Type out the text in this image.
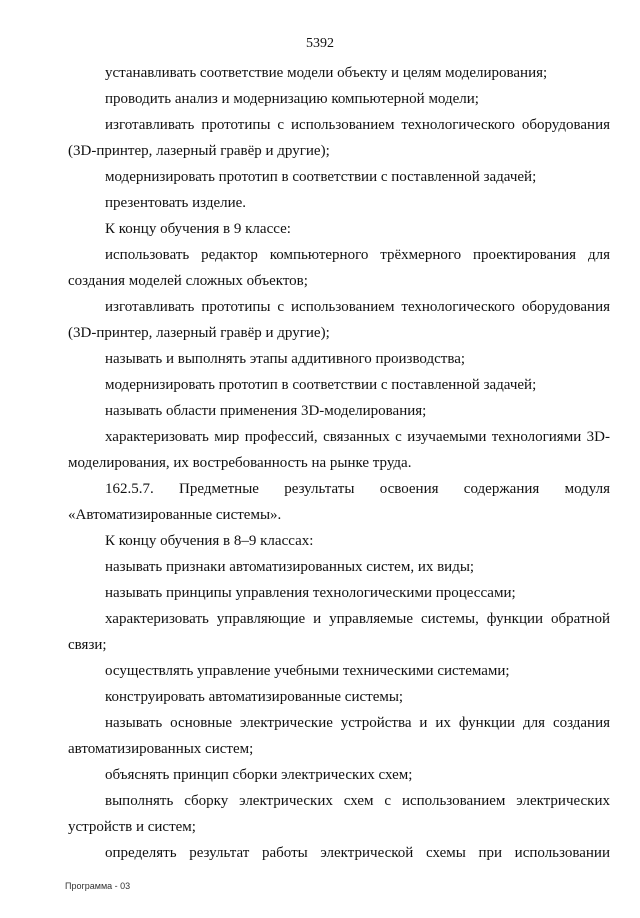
5392

устанавливать соответствие модели объекту и целям моделирования;

проводить анализ и модернизацию компьютерной модели;

изготавливать прототипы с использованием технологического оборудования (3D-принтер, лазерный гравёр и другие);

модернизировать прототип в соответствии с поставленной задачей;

презентовать изделие.

К концу обучения в 9 классе:

использовать редактор компьютерного трёхмерного проектирования для создания моделей сложных объектов;

изготавливать прототипы с использованием технологического оборудования (3D-принтер, лазерный гравёр и другие);

называть и выполнять этапы аддитивного производства;

модернизировать прототип в соответствии с поставленной задачей;

называть области применения 3D-моделирования;

характеризовать мир профессий, связанных с изучаемыми технологиями 3D-моделирования, их востребованность на рынке труда.

162.5.7. Предметные результаты освоения содержания модуля «Автоматизированные системы».

К концу обучения в 8–9 классах:

называть признаки автоматизированных систем, их виды;

называть принципы управления технологическими процессами;

характеризовать управляющие и управляемые системы, функции обратной связи;

осуществлять управление учебными техническими системами;

конструировать автоматизированные системы;

называть основные электрические устройства и их функции для создания автоматизированных систем;

объяснять принцип сборки электрических схем;

выполнять сборку электрических схем с использованием электрических устройств и систем;

определять результат работы электрической схемы при использовании

Программа - 03
